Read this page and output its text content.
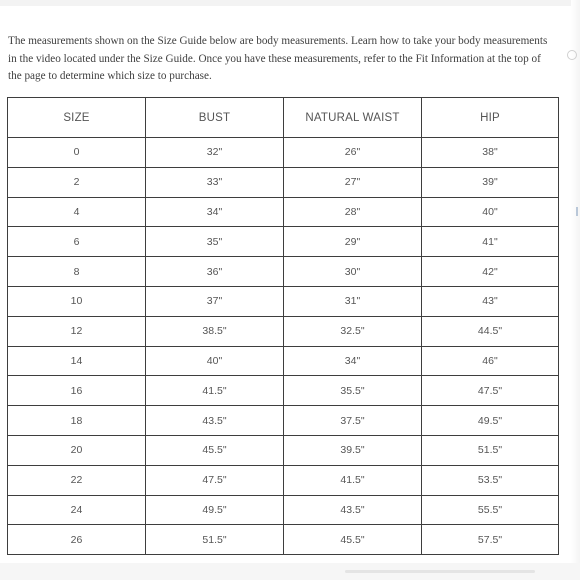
The measurements shown on the Size Guide below are body measurements. Learn how to take your body measurements in the video located under the Size Guide. Once you have these measurements, refer to the Fit Information at the top of the page to determine which size to purchase.

SIZE	BUST	NATURAL WAIST	HIP
0	32"	26"	38"
2	33"	27"	39"
4	34"	28"	40"
6	35"	29"	41"
8	36"	30"	42"
10	37"	31"	43"
12	38.5"	32.5"	44.5"
14	40"	34"	46"
16	41.5"	35.5"	47.5"
18	43.5"	37.5"	49.5"
20	45.5"	39.5"	51.5"
22	47.5"	41.5"	53.5"
24	49.5"	43.5"	55.5"
26	51.5"	45.5"	57.5"
